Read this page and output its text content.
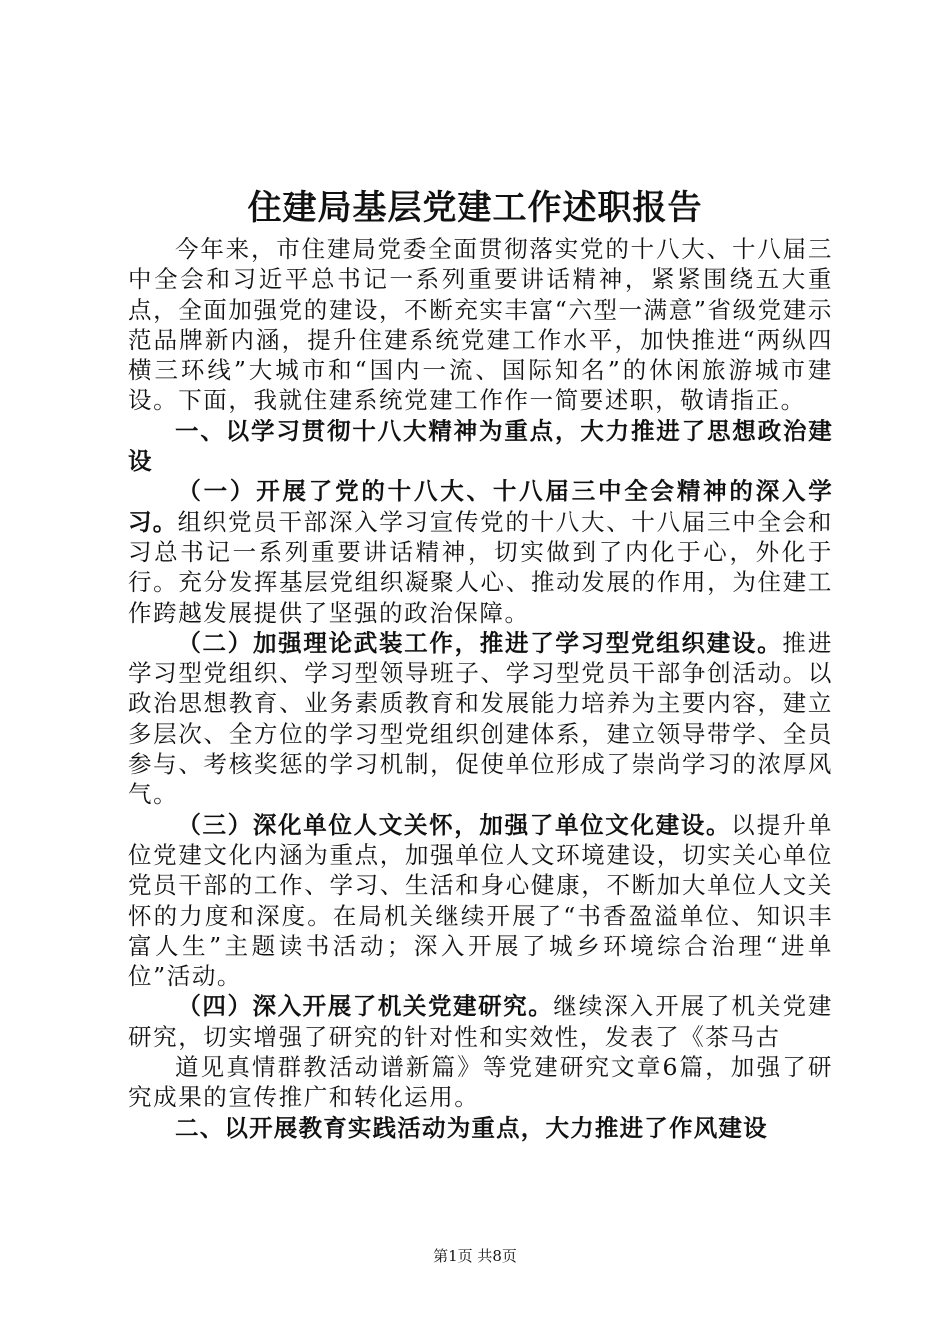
住建局基层党建工作述职报告

今年来，市住建局党委全面贯彻落实党的十八大、十八届三中全会和习近平总书记一系列重要讲话精神，紧紧围绕五大重点，全面加强党的建设，不断充实丰富“六型一满意”省级党建示范品牌新内涵，提升住建系统党建工作水平，加快推进“两纵四横三环线”大城市和“国内一流、国际知名”的休闲旅游城市建设。下面，我就住建系统党建工作作一简要述职，敬请指正。

一、以学习贯彻十八大精神为重点，大力推进了思想政治建设

（一）开展了党的十八大、十八届三中全会精神的深入学习。组织党员干部深入学习宣传党的十八大、十八届三中全会和习总书记一系列重要讲话精神，切实做到了内化于心，外化于行。充分发挥基层党组织凝聚人心、推动发展的作用，为住建工作跨越发展提供了坚强的政治保障。

（二）加强理论武装工作，推进了学习型党组织建设。推进学习型党组织、学习型领导班子、学习型党员干部争创活动。以政治思想教育、业务素质教育和发展能力培养为主要内容，建立多层次、全方位的学习型党组织创建体系，建立领导带学、全员参与、考核奖惩的学习机制，促使单位形成了崇尚学习的浓厚风气。

（三）深化单位人文关怀，加强了单位文化建设。以提升单位党建文化内涵为重点，加强单位人文环境建设，切实关心单位党员干部的工作、学习、生活和身心健康，不断加大单位人文关怀的力度和深度。在局机关继续开展了“书香盈溢单位、知识丰富人生”主题读书活动；深入开展了城乡环境综合治理“进单位”活动。

（四）深入开展了机关党建研究。继续深入开展了机关党建研究，切实增强了研究的针对性和实效性，发表了《茶马古

道见真情群教活动谱新篇》等党建研究文章6篇，加强了研究成果的宣传推广和转化运用。

二、以开展教育实践活动为重点，大力推进了作风建设

第1页 共8页
